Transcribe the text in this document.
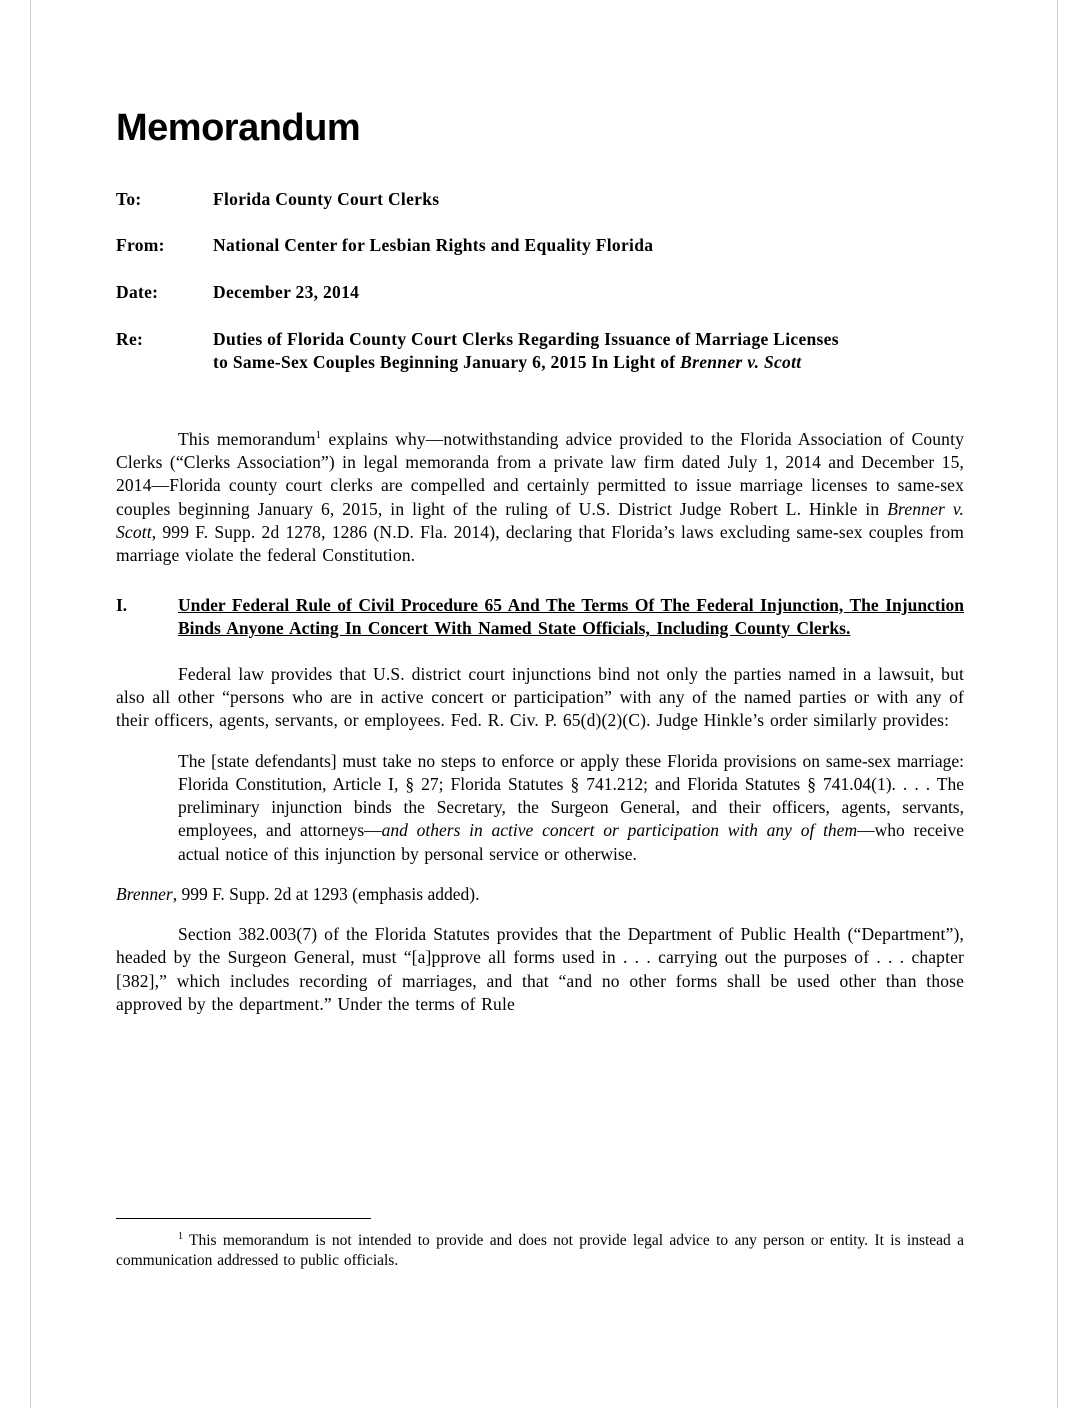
Memorandum
To:	Florida County Court Clerks
From:	National Center for Lesbian Rights and Equality Florida
Date:	December 23, 2014
Re:	Duties of Florida County Court Clerks Regarding Issuance of Marriage Licenses
to Same-Sex Couples Beginning January 6, 2015 In Light of Brenner v. Scott

This memorandum$^1$ explains why—notwithstanding advice provided to the Florida Association of County Clerks (“Clerks Association”) in legal memoranda from a private law firm dated July 1, 2014 and December 15, 2014—Florida county court clerks are compelled and certainly permitted to issue marriage licenses to same-sex couples beginning January 6, 2015, in light of the ruling of U.S. District Judge Robert L. Hinkle in Brenner v. Scott, 999 F. Supp. 2d 1278, 1286 (N.D. Fla. 2014), declaring that Florida’s laws excluding same-sex couples from marriage violate the federal Constitution.

I.	Under Federal Rule of Civil Procedure 65 And The Terms Of The Federal Injunction, The Injunction Binds Anyone Acting In Concert With Named State Officials, Including County Clerks.

Federal law provides that U.S. district court injunctions bind not only the parties named in a lawsuit, but also all other “persons who are in active concert or participation” with any of the named parties or with any of their officers, agents, servants, or employees. Fed. R. Civ. P. 65(d)(2)(C). Judge Hinkle’s order similarly provides:

The [state defendants] must take no steps to enforce or apply these Florida provisions on same-sex marriage: Florida Constitution, Article I, § 27; Florida Statutes § 741.212; and Florida Statutes § 741.04(1). . . . The preliminary injunction binds the Secretary, the Surgeon General, and their officers, agents, servants, employees, and attorneys—and others in active concert or participation with any of them—who receive actual notice of this injunction by personal service or otherwise.
Brenner, 999 F. Supp. 2d at 1293 (emphasis added).

Section 382.003(7) of the Florida Statutes provides that the Department of Public Health (“Department”), headed by the Surgeon General, must “[a]pprove all forms used in . . . carrying out the purposes of . . . chapter [382],” which includes recording of marriages, and that “and no other forms shall be used other than those approved by the department.” Under the terms of Rule

$^1$ This memorandum is not intended to provide and does not provide legal advice to any person or entity. It is instead a communication addressed to public officials.
